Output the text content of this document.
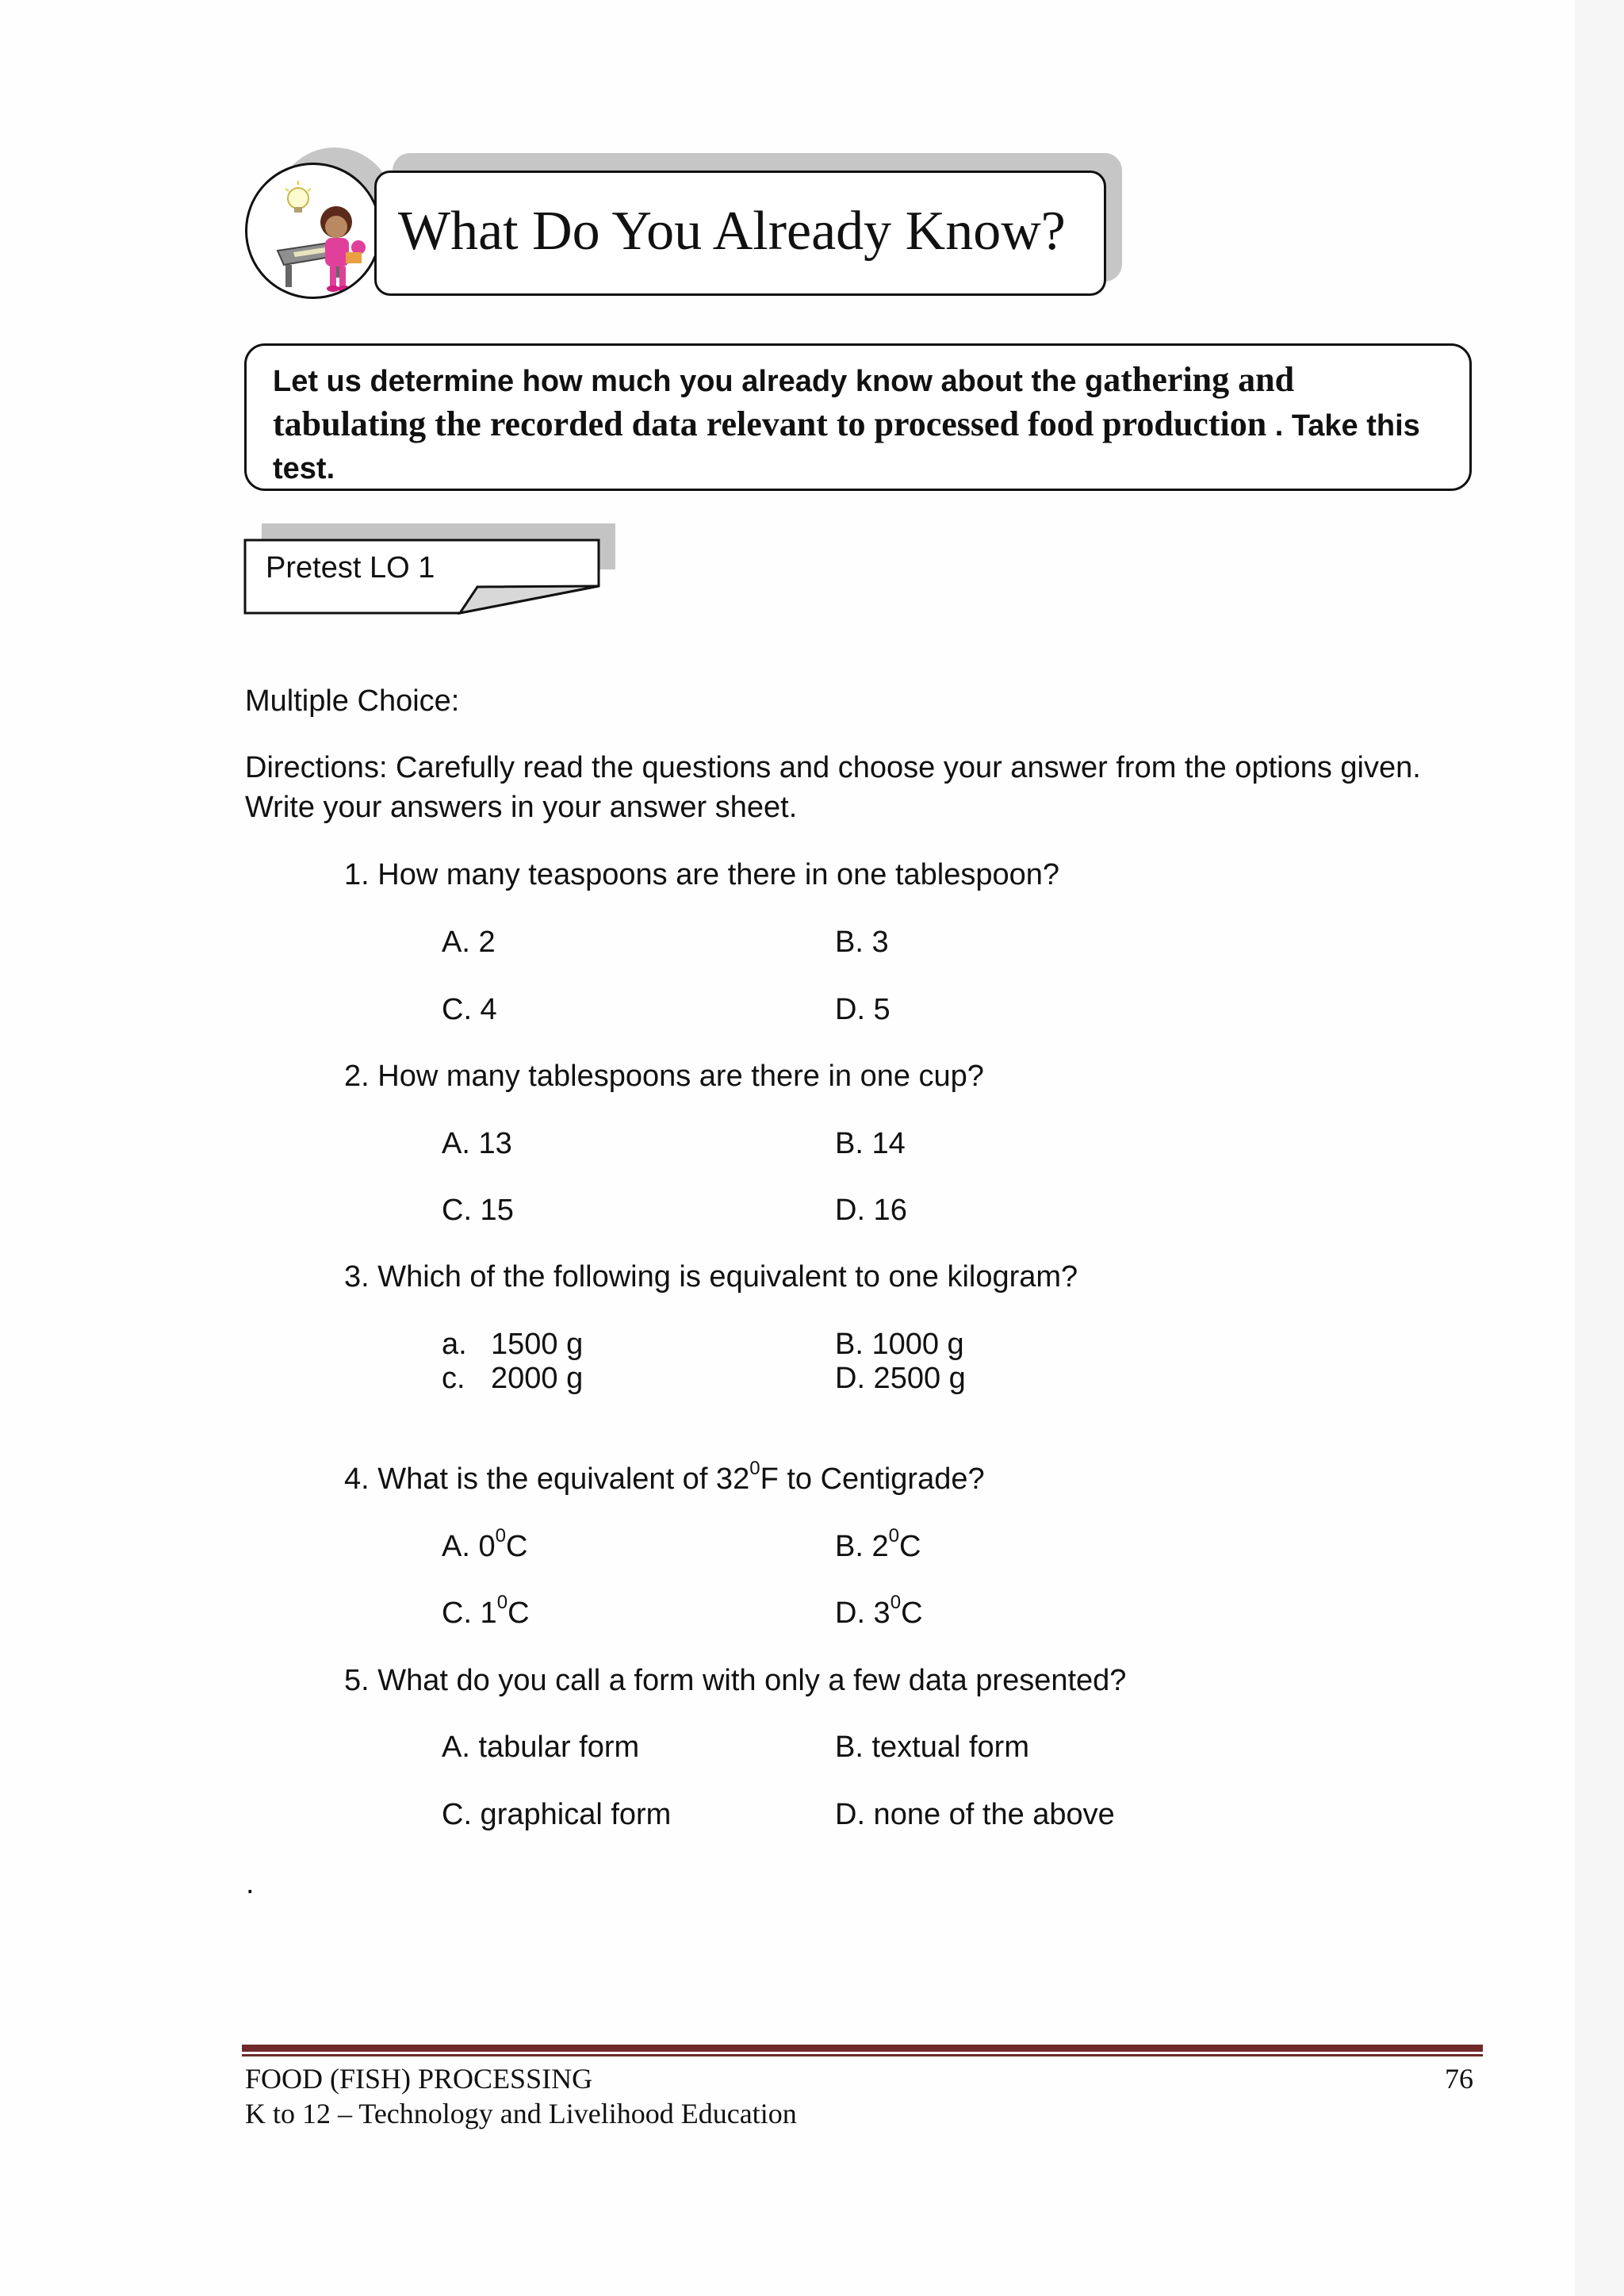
What Do You Already Know?
Let us determine how much you already know about the gathering and
tabulating the recorded data relevant to processed food production . Take this test.
Pretest LO 1
Multiple Choice:
Directions: Carefully read the questions and choose your answer from the options given.
Write your answers in your answer sheet.
1. How many teaspoons are there in one tablespoon?
A. 2	B. 3
C. 4	D. 5
2. How many tablespoons are there in one cup?
A. 13	B. 14
C. 15	D. 16
3. Which of the following is equivalent to one kilogram?
a. 1500 g	B. 1000 g
c. 2000 g	D. 2500 g
4. What is the equivalent of $32^0F$ to Centigrade?
A. $0^0C$	B. $2^0C$
C. $1^0C$	D. $3^0C$
5. What do you call a form with only a few data presented?
A. tabular form	B. textual form
C. graphical form	D. none of the above
.
FOOD (FISH) PROCESSING
K to 12 – Technology and Livelihood Education
76
